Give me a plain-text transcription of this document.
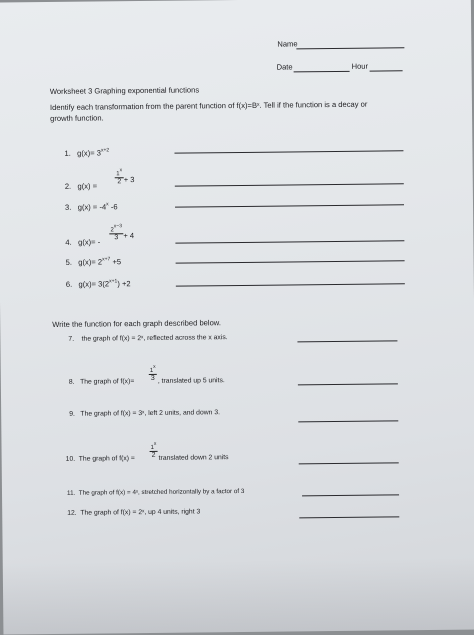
Name
Date	Hour
Worksheet 3 Graphing exponential functions
Identify each transformation from the parent function of f(x)=Bˣ. Tell if the function is a decay or
growth function.
1. $g(x)= 3^{x+2}$
2. g(x) =	$\frac{1^x}{2} + 3$
3. $g(x) = -4^x$ -6
4. $g(x)= - \frac{2^{x-3}}{3} + 4$
5. $g(x)= 2^{x+7} +5$
6. $g(x)= 3(2^{x+1}) +2$
Write the function for each graph described below.
7. the graph of f(x) = 2ˣ, reflected across the x axis.
8. The graph of $f(x)= \frac{1^x}{3}$ , translated up 5 units.
9. The graph of f(x) = 3ˣ, left 2 units, and down 3.
10. The graph of $f(x) = \frac{1^x}{2}$ translated down 2 units
11. The graph of f(x) = 4ˣ, stretched horizontally by a factor of 3
12. The graph of f(x) = 2ˣ, up 4 units, right 3
